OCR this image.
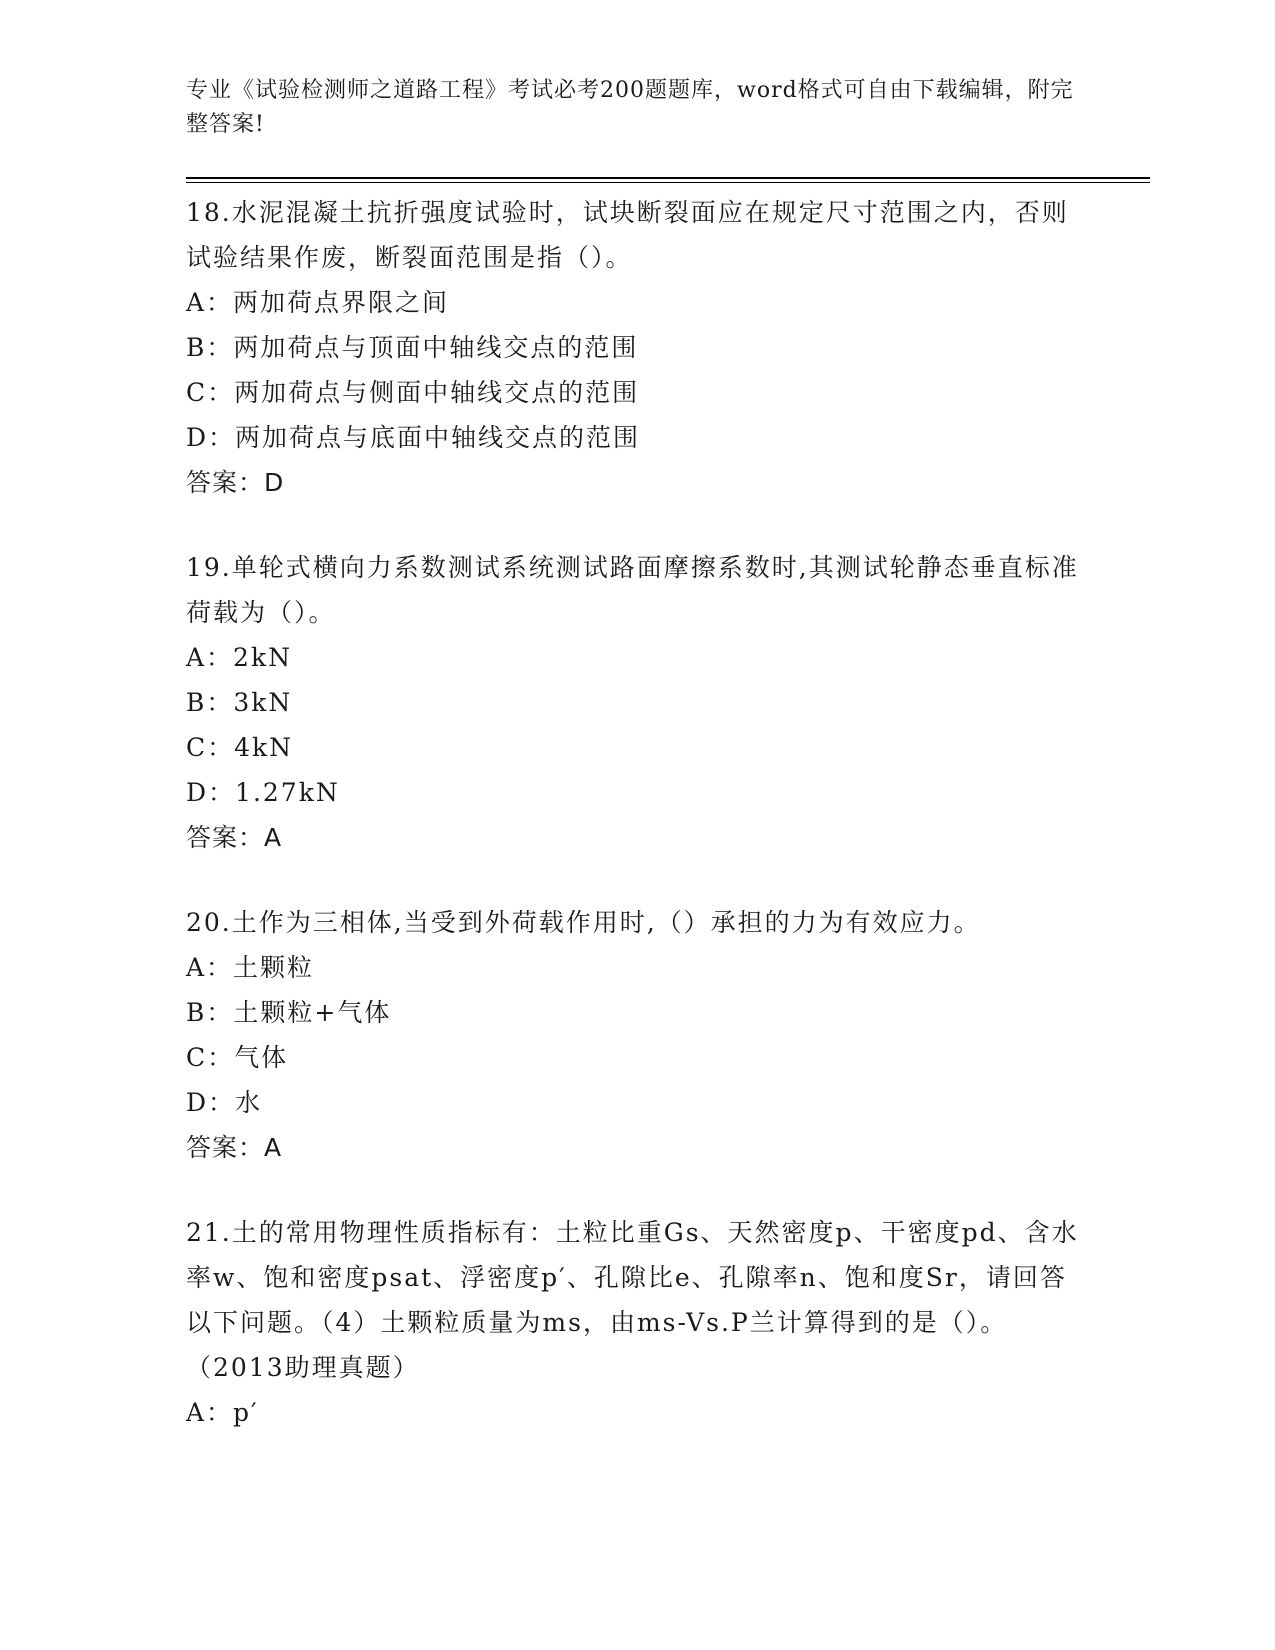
专业《试验检测师之道路工程》考试必考200题题库，word格式可自由下载编辑，附完整答案!
18.水泥混凝土抗折强度试验时，试块断裂面应在规定尺寸范围之内，否则试验结果作废，断裂面范围是指（）。
A：两加荷点界限之间
B：两加荷点与顶面中轴线交点的范围
C：两加荷点与侧面中轴线交点的范围
D：两加荷点与底面中轴线交点的范围
答案：D
19.单轮式横向力系数测试系统测试路面摩擦系数时,其测试轮静态垂直标准荷载为（）。
A：2kN
B：3kN
C：4kN
D：1.27kN
答案：A
20.土作为三相体,当受到外荷载作用时,（）承担的力为有效应力。
A：土颗粒
B：土颗粒+气体
C：气体
D：水
答案：A
21.土的常用物理性质指标有：土粒比重Gs、天然密度p、干密度pd、含水率w、饱和密度psat、浮密度p′、孔隙比e、孔隙率n、饱和度Sr，请回答以下问题。（4）土颗粒质量为ms，由ms-Vs.P兰计算得到的是（）。（2013助理真题）
A：p′
